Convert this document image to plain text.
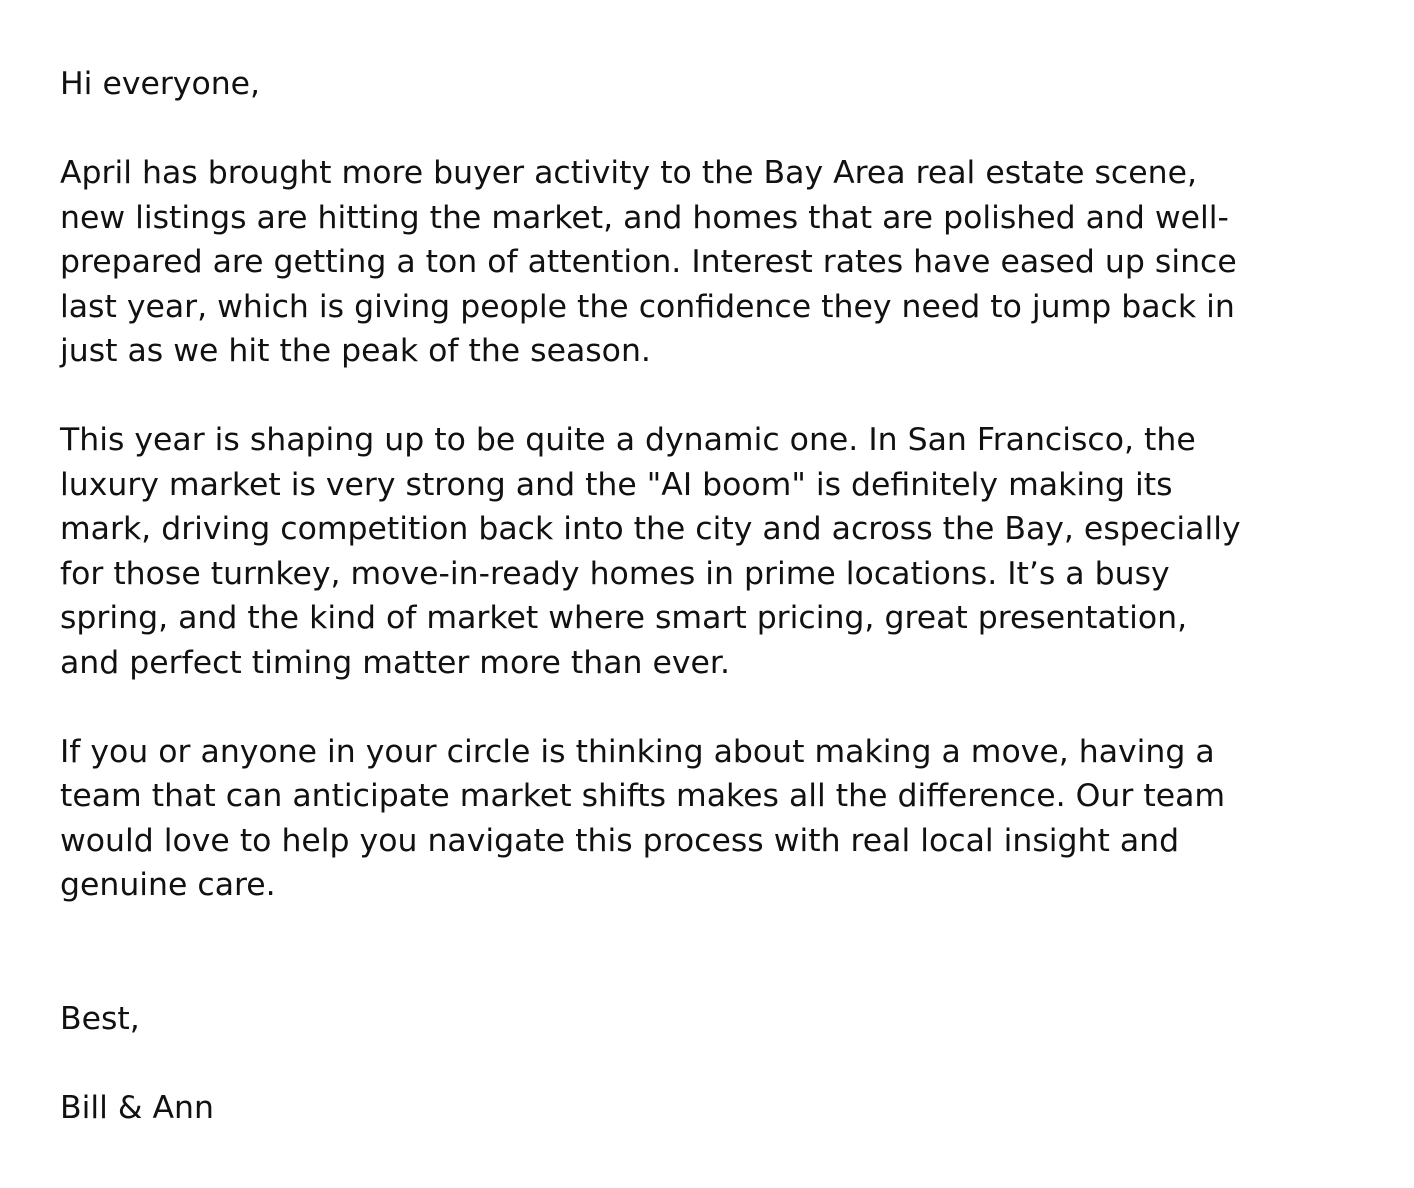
Hi everyone,

April has brought more buyer activity to the Bay Area real estate scene,
new listings are hitting the market, and homes that are polished and well-
prepared are getting a ton of attention. Interest rates have eased up since
last year, which is giving people the confidence they need to jump back in
just as we hit the peak of the season.

This year is shaping up to be quite a dynamic one. In San Francisco, the
luxury market is very strong and the "AI boom" is definitely making its
mark, driving competition back into the city and across the Bay, especially
for those turnkey, move-in-ready homes in prime locations. It’s a busy
spring, and the kind of market where smart pricing, great presentation,
and perfect timing matter more than ever.

If you or anyone in your circle is thinking about making a move, having a
team that can anticipate market shifts makes all the difference. Our team
would love to help you navigate this process with real local insight and
genuine care.

Best,

Bill & Ann
